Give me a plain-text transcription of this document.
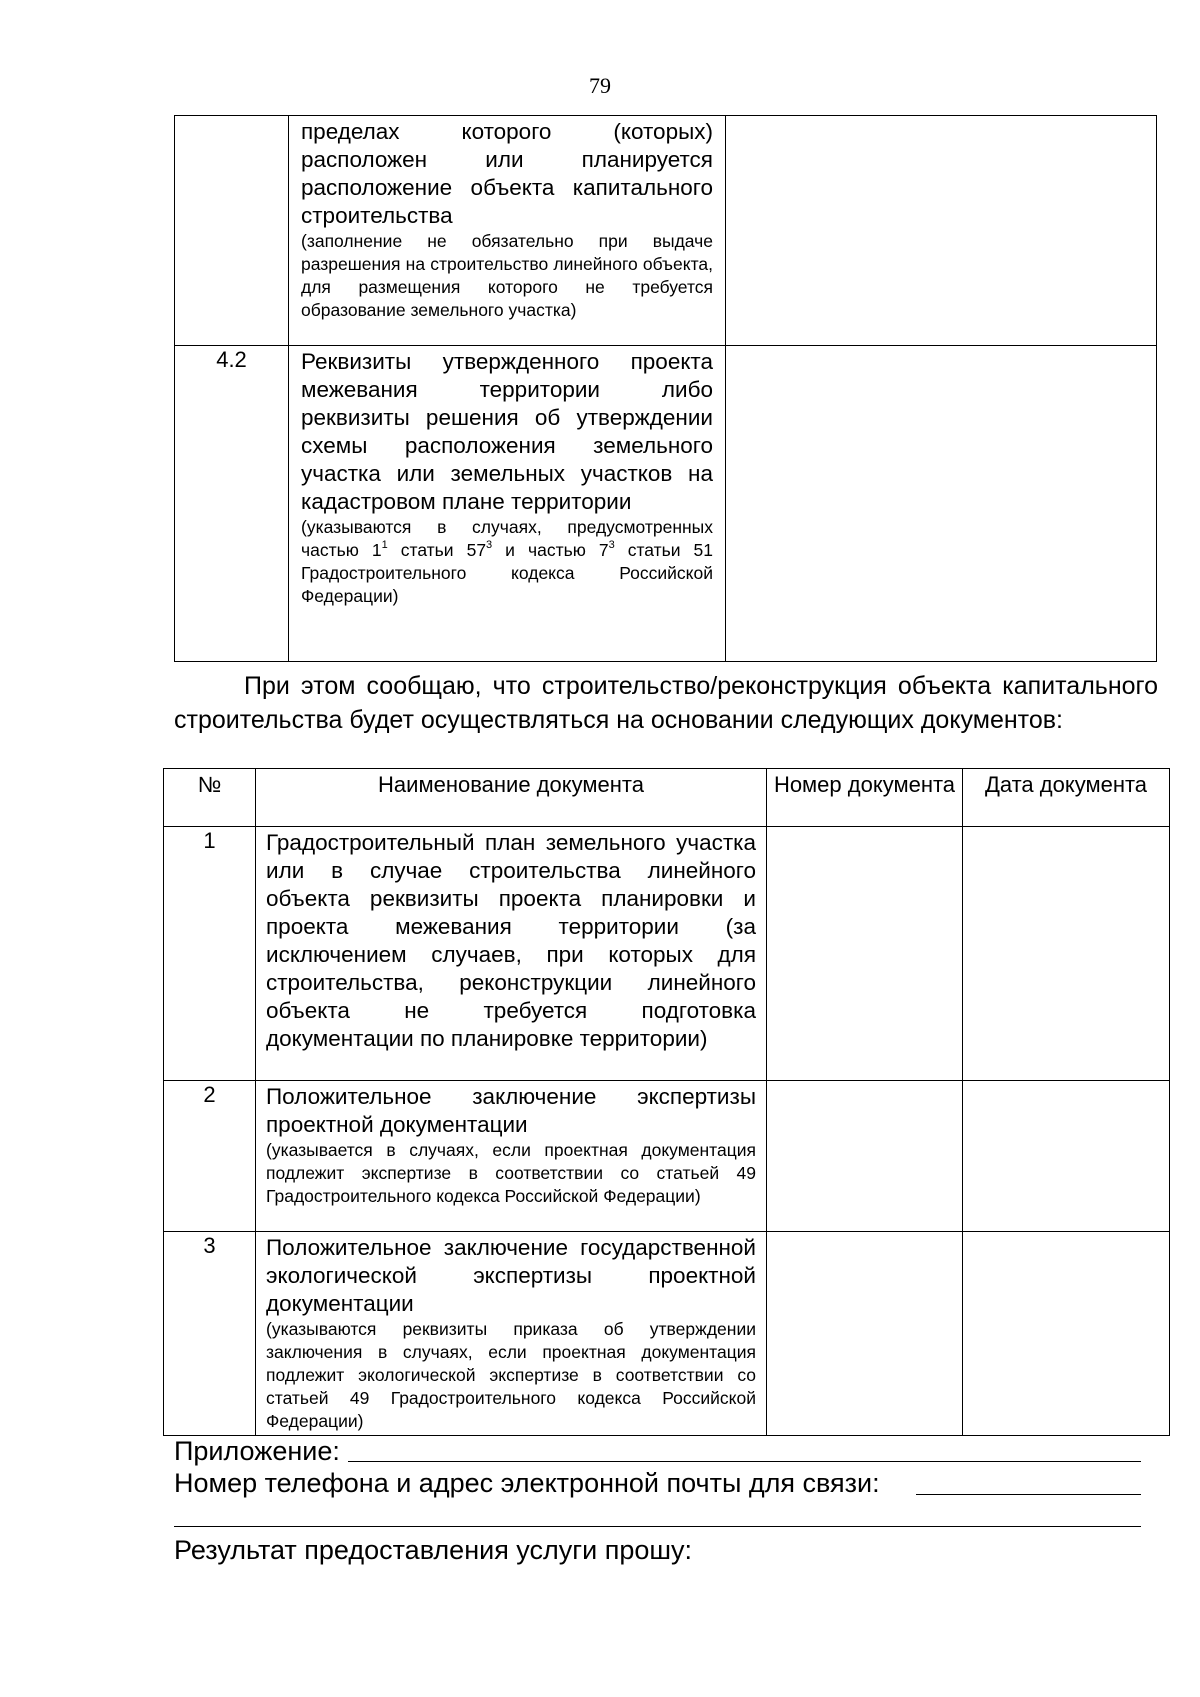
79

	пределах которого (которых) расположен или планируется расположение объекта капитального строительства
(заполнение не обязательно при выдаче разрешения на строительство линейного объекта, для размещения которого не требуется образование земельного участка)	

4.2	Реквизиты утвержденного проекта межевания территории либо реквизиты решения об утверждении схемы расположения земельного участка или земельных участков на кадастровом плане территории
(указываются в случаях, предусмотренных частью $1^1$ статьи $57^3$ и частью $7^3$ статьи 51 Градостроительного кодекса Российской Федерации)	

При этом сообщаю, что строительство/реконструкция объекта капитального строительства будет осуществляться на основании следующих документов:

№	Наименование документа	Номер документа	Дата документа
1	Градостроительный план земельного участка или в случае строительства линейного объекта реквизиты проекта планировки и проекта межевания территории (за исключением случаев, при которых для строительства, реконструкции линейного объекта не требуется подготовка документации по планировке территории)		

2	Положительное заключение экспертизы проектной документации
(указывается в случаях, если проектная документация подлежит экспертизе в соответствии со статьей 49 Градостроительного кодекса Российской Федерации)		

3	Положительное заключение государственной экологической экспертизы проектной документации
(указываются реквизиты приказа об утверждении заключения в случаях, если проектная документация подлежит экологической экспертизе в соответствии со статьей 49 Градостроительного кодекса Российской Федерации)		

Приложение:
Номер телефона и адрес электронной почты для связи:
Результат предоставления услуги прошу:
